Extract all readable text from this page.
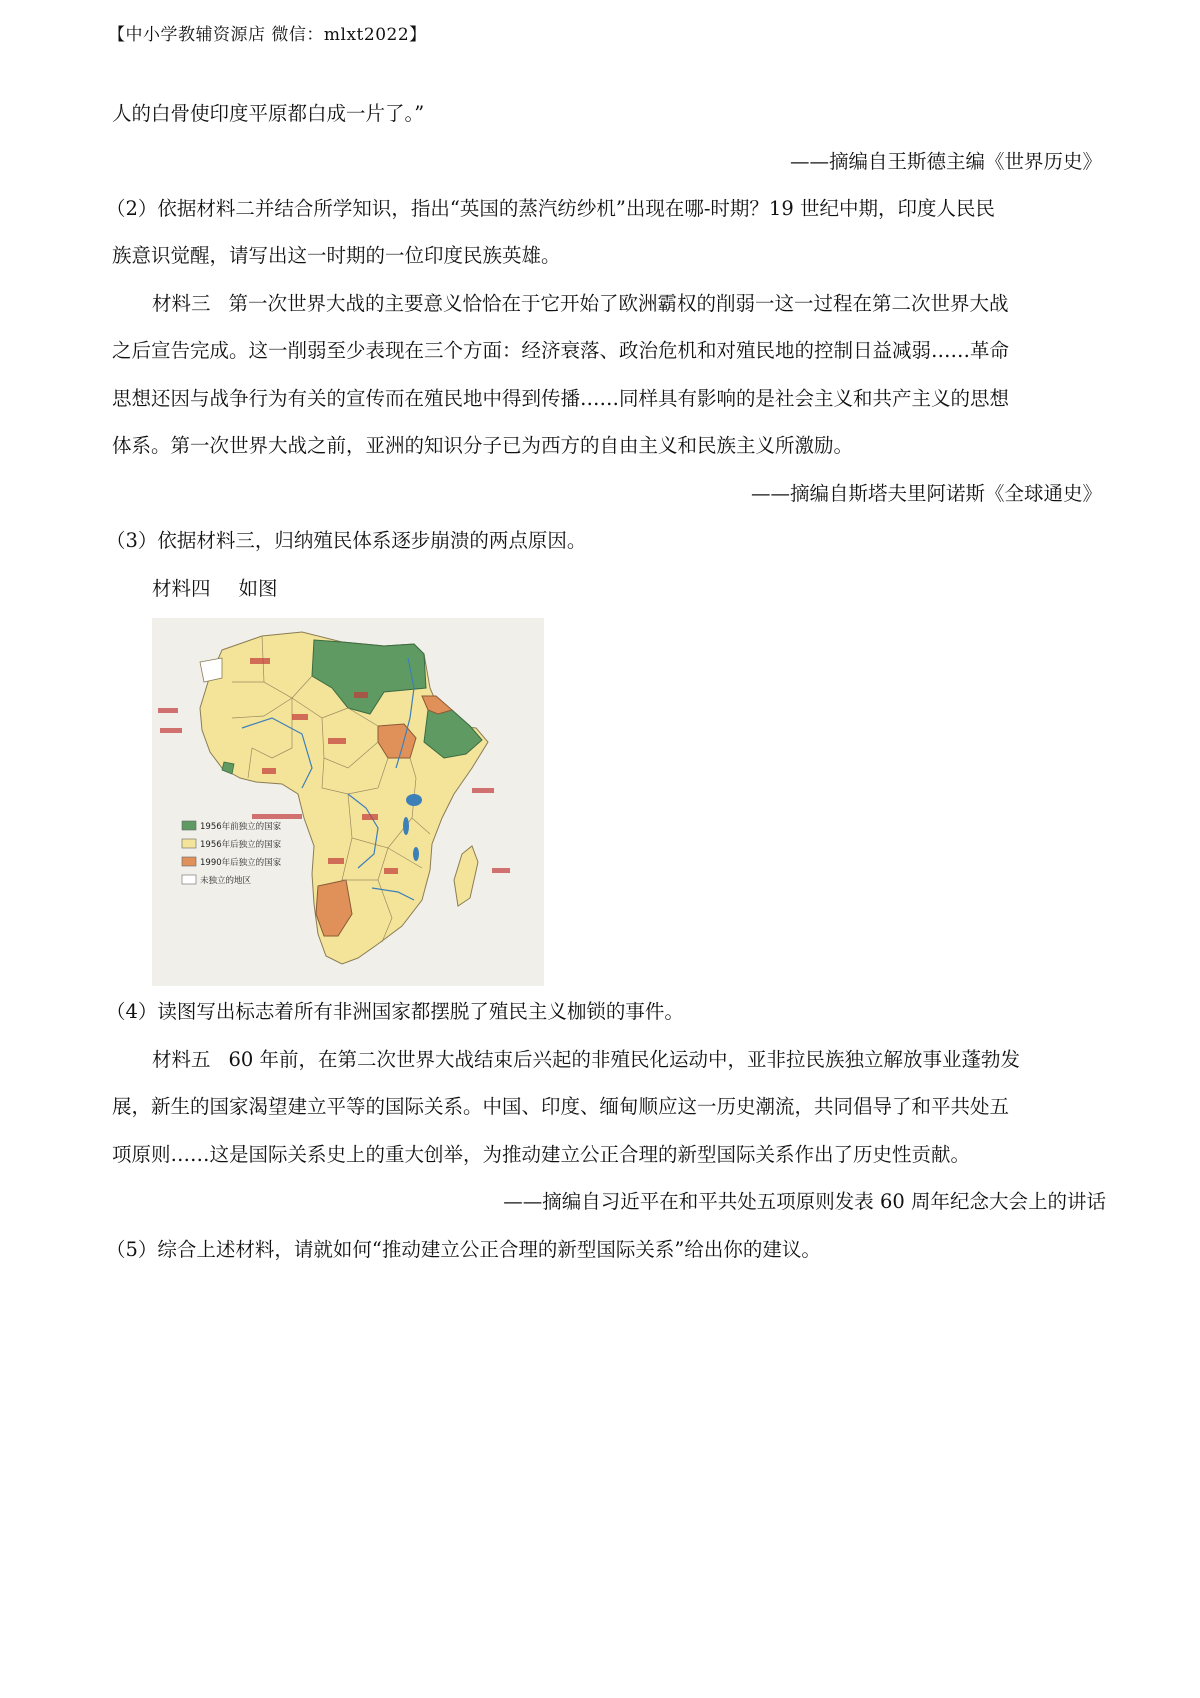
【中小学教辅资源店 微信：mlxt2022】
人的白骨使印度平原都白成一片了。”
——摘编自王斯德主编《世界历史》
（2）依据材料二并结合所学知识，指出“英国的蒸汽纺纱机”出现在哪-时期？19 世纪中期，印度人民民
族意识觉醒，请写出这一时期的一位印度民族英雄。
材料三 第一次世界大战的主要意义恰恰在于它开始了欧洲霸权的削弱一这一过程在第二次世界大战
之后宣告完成。这一削弱至少表现在三个方面：经济衰落、政治危机和对殖民地的控制日益减弱……革命
思想还因与战争行为有关的宣传而在殖民地中得到传播……同样具有影响的是社会主义和共产主义的思想
体系。第一次世界大战之前，亚洲的知识分子已为西方的自由主义和民族主义所激励。
——摘编自斯塔夫里阿诺斯《全球通史》
（3）依据材料三，归纳殖民体系逐步崩溃的两点原因。
材料四 如图
1956年前独立的国家
1956年后独立的国家
1990年后独立的国家
未独立的地区
（4）读图写出标志着所有非洲国家都摆脱了殖民主义枷锁的事件。
材料五 60 年前，在第二次世界大战结束后兴起的非殖民化运动中，亚非拉民族独立解放事业蓬勃发
展，新生的国家渴望建立平等的国际关系。中国、印度、缅甸顺应这一历史潮流，共同倡导了和平共处五
项原则……这是国际关系史上的重大创举，为推动建立公正合理的新型国际关系作出了历史性贡献。
——摘编自习近平在和平共处五项原则发表 60 周年纪念大会上的讲话
（5）综合上述材料，请就如何“推动建立公正合理的新型国际关系”给出你的建议。
